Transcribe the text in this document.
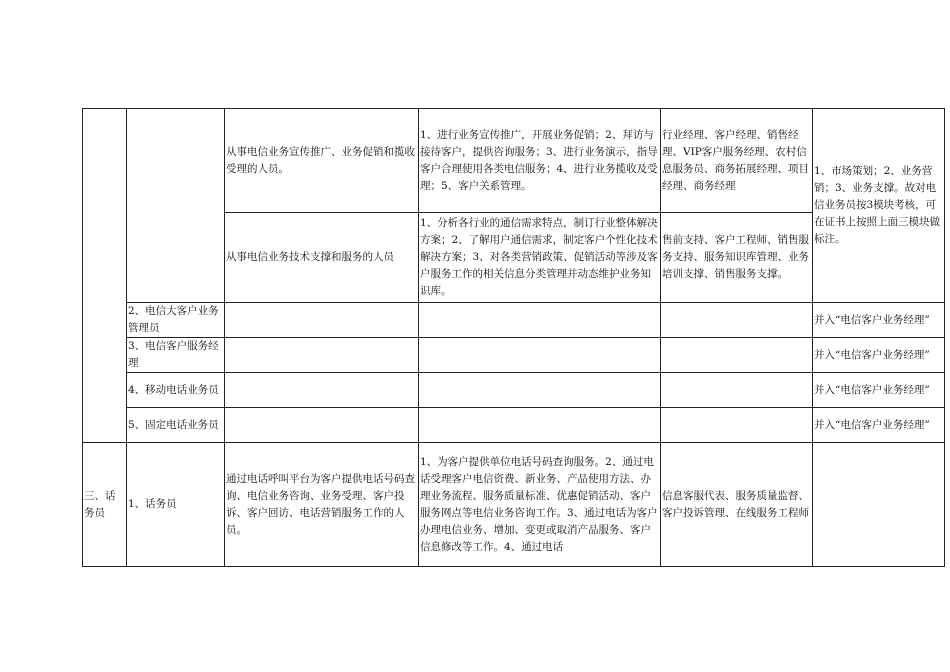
		从事电信业务宣传推广、业务促销和揽收受理的人员。	1、进行业务宣传推广，开展业务促销；2、拜访与接待客户，提供咨询服务；3、进行业务演示，指导客户合理使用各类电信服务；4、进行业务揽收及受理；5、客户关系管理。	行业经理、客户经理、销售经理、VIP客户服务经理、农村信息服务员、商务拓展经理、项目经理、商务经理	1、市场策划；2、业务营销；3、业务支撑。故对电信业务员按3模块考核，可在证书上按照上面三模块做标注。

		从事电信业务技术支撑和服务的人员	1、分析各行业的通信需求特点，制订行业整体解决方案；2、了解用户通信需求，制定客户个性化技术解决方案；3、对各类营销政策、促销活动等涉及客户服务工作的相关信息分类管理并动态维护业务知识库。	售前支持、客户工程师、销售服务支持、服务知识库管理、业务培训支撑、销售服务支撑。	

	2、电信大客户业务管理员				并入“电信客户业务经理”

	3、电信客户服务经理				并入“电信客户业务经理”

	4、移动电话业务员				并入“电信客户业务经理”

	5、固定电话业务员				并入“电信客户业务经理”

三、话务员	1、话务员	通过电话呼叫平台为客户提供电话号码查询、电信业务咨询、业务受理、客户投诉、客户回访、电话营销服务工作的人员。	1、为客户提供单位电话号码查询服务。2、通过电话受理客户电信资费、新业务、产品使用方法、办理业务流程、服务质量标准、优惠促销活动、客户服务网点等电信业务咨询工作。3、通过电话为客户办理电信业务、增加、变更或取消产品服务、客户信息修改等工作。4、通过电话	信息客服代表、服务质量监督、客户投诉管理、在线服务工程师	
